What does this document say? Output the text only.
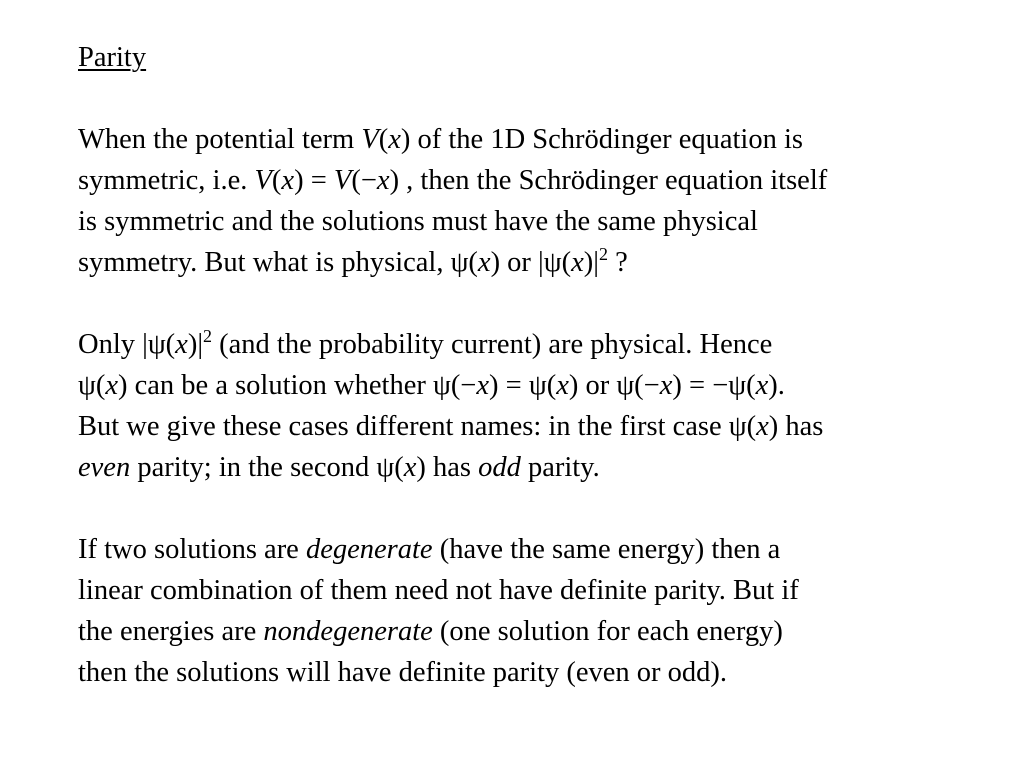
Parity
When the potential term V(x) of the 1D Schrödinger equation is
symmetric, i.e. V(x) = V(−x) , then the Schrödinger equation itself
is symmetric and the solutions must have the same physical
symmetry. But what is physical, ψ(x) or $|\psi(x)|^2$ ?
Only $|\psi(x)|^2$ (and the probability current) are physical. Hence
ψ(x) can be a solution whether ψ(−x) = ψ(x) or ψ(−x) = −ψ(x).
But we give these cases different names: in the first case ψ(x) has
even parity; in the second ψ(x) has odd parity.
If two solutions are degenerate (have the same energy) then a
linear combination of them need not have definite parity. But if
the energies are nondegenerate (one solution for each energy)
then the solutions will have definite parity (even or odd).
